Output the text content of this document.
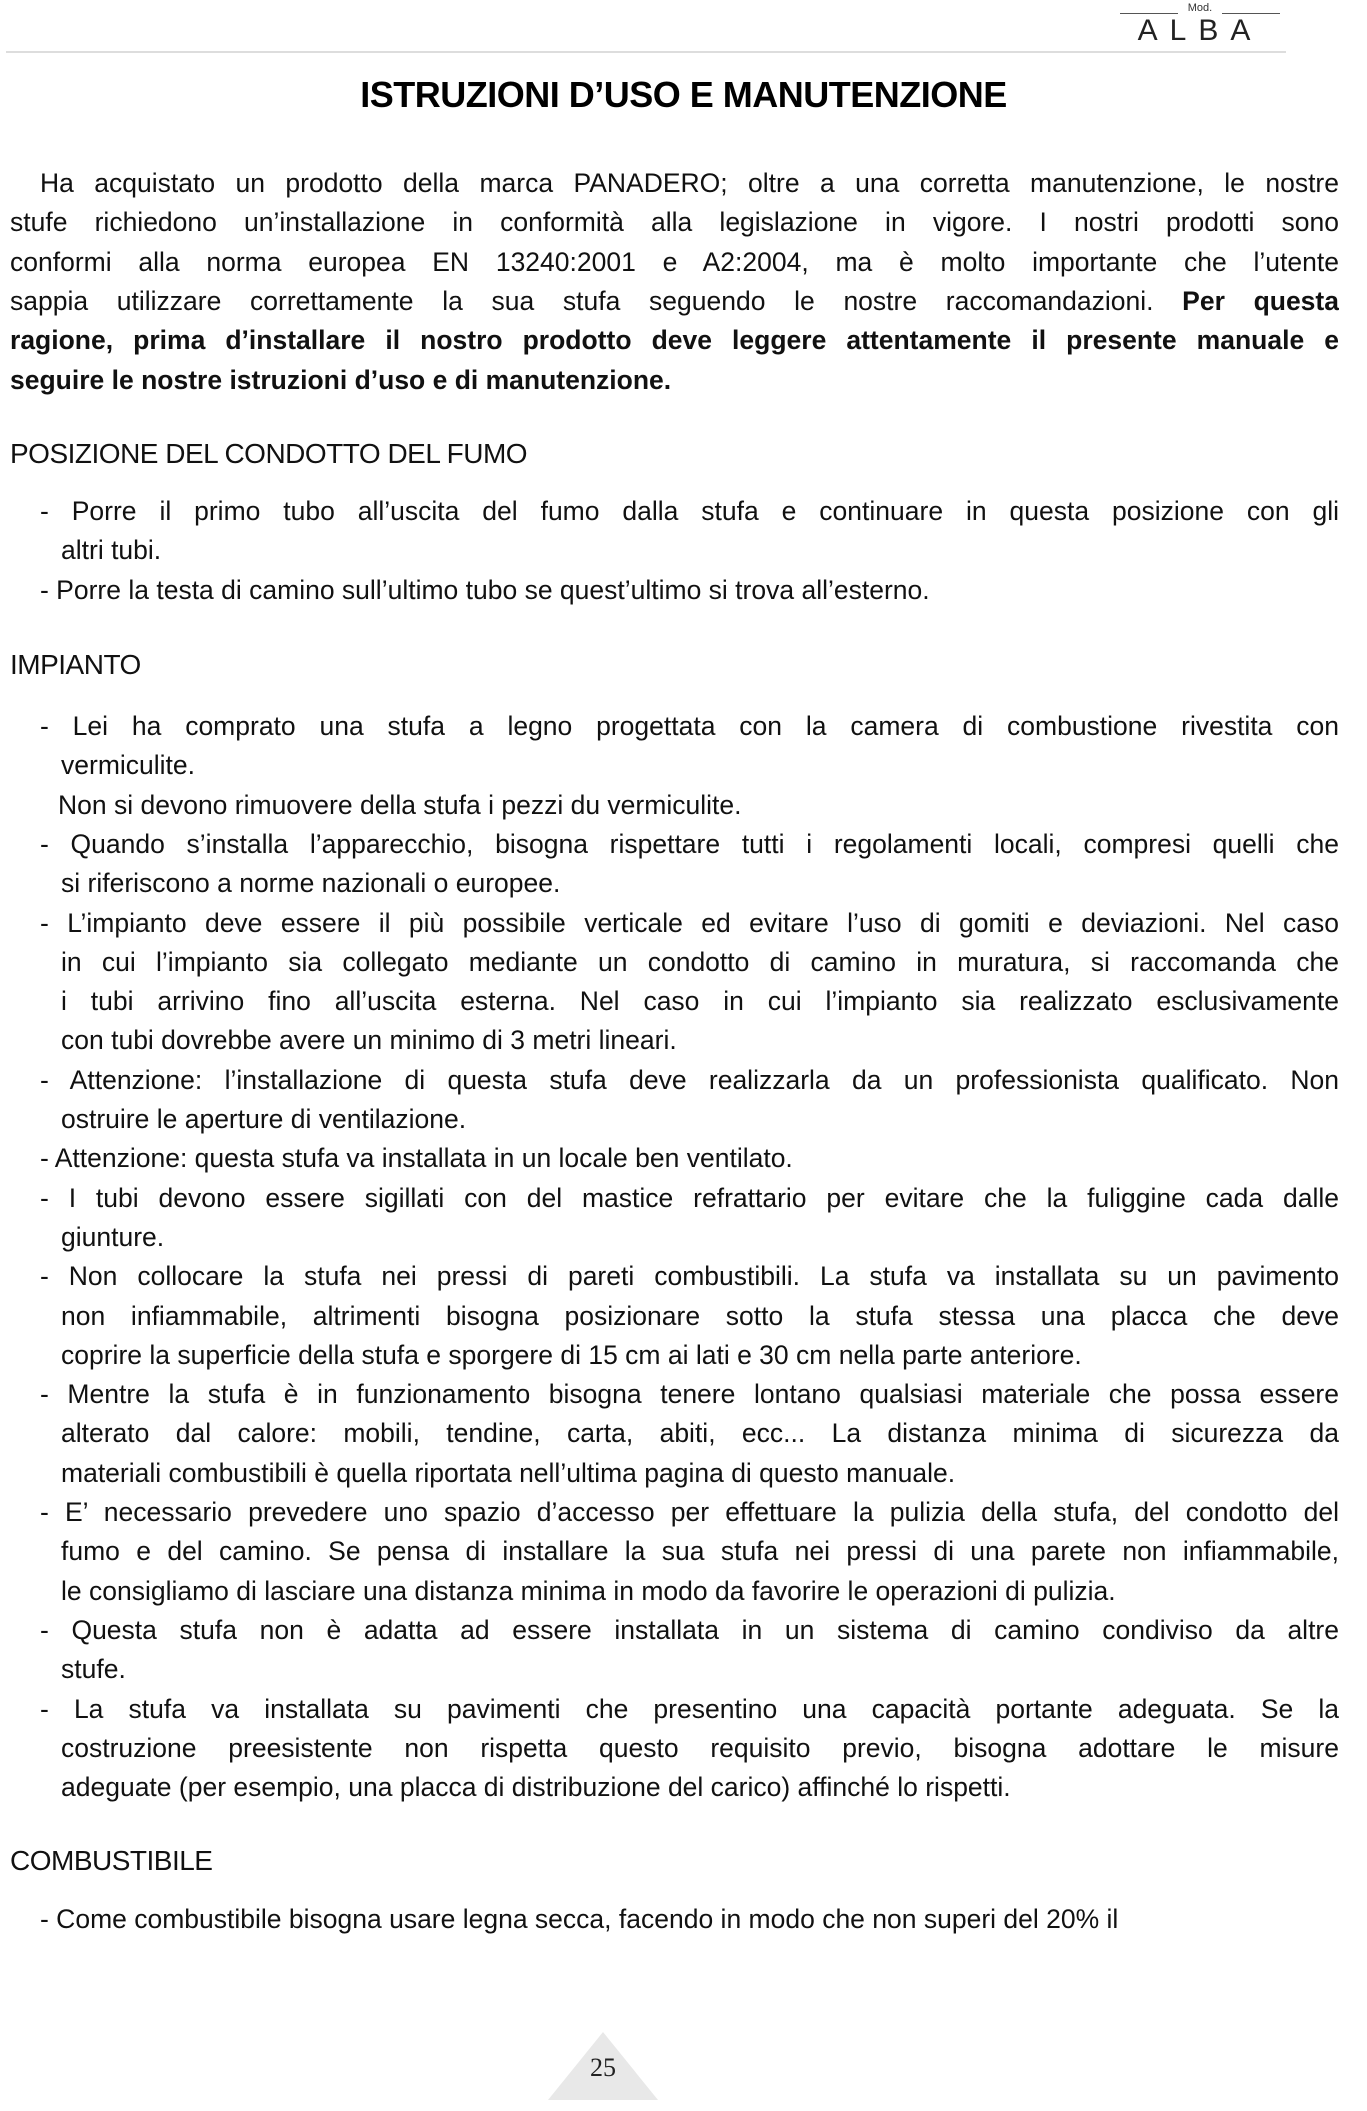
Mod.
ALBA
ISTRUZIONI D’USO E MANUTENZIONE
Ha acquistato un prodotto della marca PANADERO; oltre a una corretta manutenzione, le nostre
stufe richiedono un’installazione in conformità alla legislazione in vigore. I nostri prodotti sono
conformi alla norma europea EN 13240:2001 e A2:2004, ma è molto importante che l’utente
sappia utilizzare correttamente la sua stufa seguendo le nostre raccomandazioni. Per questa
ragione, prima d’installare il nostro prodotto deve leggere attentamente il presente manuale e
seguire le nostre istruzioni d’uso e di manutenzione.
POSIZIONE DEL CONDOTTO DEL FUMO
- Porre il primo tubo all’uscita del fumo dalla stufa e continuare in questa posizione con gli
altri tubi.
- Porre la testa di camino sull’ultimo tubo se quest’ultimo si trova all’esterno.
IMPIANTO
- Lei ha comprato una stufa a legno progettata con la camera di combustione rivestita con
vermiculite.
Non si devono rimuovere della stufa i pezzi du vermiculite.
- Quando s’installa l’apparecchio, bisogna rispettare tutti i regolamenti locali, compresi quelli che
si riferiscono a norme nazionali o europee.
- L’impianto deve essere il più possibile verticale ed evitare l’uso di gomiti e deviazioni. Nel caso
in cui l’impianto sia collegato mediante un condotto di camino in muratura, si raccomanda che
i tubi arrivino fino all’uscita esterna. Nel caso in cui l’impianto sia realizzato esclusivamente
con tubi dovrebbe avere un minimo di 3 metri lineari.
- Attenzione: l’installazione di questa stufa deve realizzarla da un professionista qualificato. Non
ostruire le aperture di ventilazione.
- Attenzione: questa stufa va installata in un locale ben ventilato.
- I tubi devono essere sigillati con del mastice refrattario per evitare che la fuliggine cada dalle
giunture.
- Non collocare la stufa nei pressi di pareti combustibili. La stufa va installata su un pavimento
non infiammabile, altrimenti bisogna posizionare sotto la stufa stessa una placca che deve
coprire la superficie della stufa e sporgere di 15 cm ai lati e 30 cm nella parte anteriore.
- Mentre la stufa è in funzionamento bisogna tenere lontano qualsiasi materiale che possa essere
alterato dal calore: mobili, tendine, carta, abiti, ecc... La distanza minima di sicurezza da
materiali combustibili è quella riportata nell’ultima pagina di questo manuale.
- E’ necessario prevedere uno spazio d’accesso per effettuare la pulizia della stufa, del condotto del
fumo e del camino. Se pensa di installare la sua stufa nei pressi di una parete non infiammabile,
le consigliamo di lasciare una distanza minima in modo da favorire le operazioni di pulizia.
- Questa stufa non è adatta ad essere installata in un sistema di camino condiviso da altre
stufe.
- La stufa va installata su pavimenti che presentino una capacità portante adeguata. Se la
costruzione preesistente non rispetta questo requisito previo, bisogna adottare le misure
adeguate (per esempio, una placca di distribuzione del carico) affinché lo rispetti.
COMBUSTIBILE
- Come combustibile bisogna usare legna secca, facendo in modo che non superi del 20% il
25
